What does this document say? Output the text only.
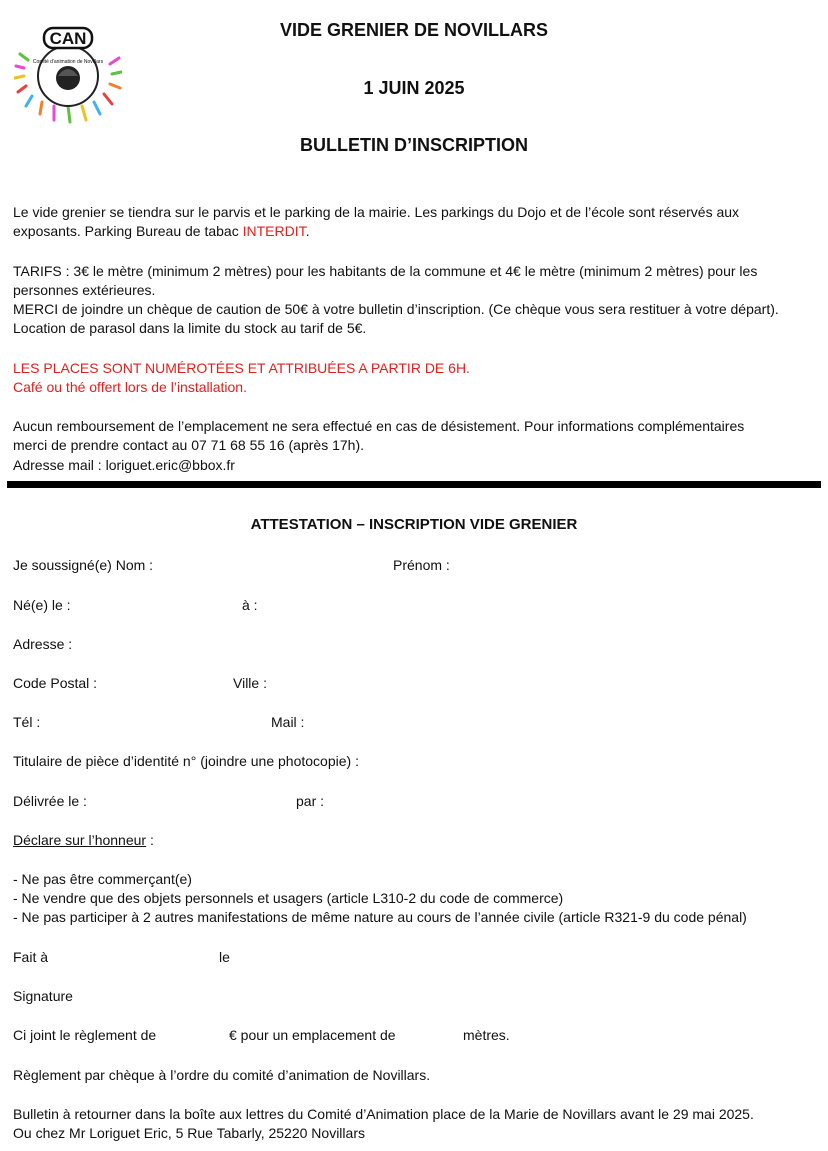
Comité d'animation de Novillars
CAN	VIDE GRENIER DE NOVILLARS
1 JUIN 2025
BULLETIN D’INSCRIPTION
Le vide grenier se tiendra sur le parvis et le parking de la mairie. Les parkings du Dojo et de l’école sont réservés aux
exposants. Parking Bureau de tabac INTERDIT.
TARIFS : 3€ le mètre (minimum 2 mètres) pour les habitants de la commune et 4€ le mètre (minimum 2 mètres) pour les
personnes extérieures.
MERCI de joindre un chèque de caution de 50€ à votre bulletin d’inscription. (Ce chèque vous sera restituer à votre départ).
Location de parasol dans la limite du stock au tarif de 5€.
LES PLACES SONT NUMÉROTÉES ET ATTRIBUÉES A PARTIR DE 6H.
Café ou thé offert lors de l’installation.
Aucun remboursement de l’emplacement ne sera effectué en cas de désistement. Pour informations complémentaires
merci de prendre contact au 07 71 68 55 16 (après 17h).
Adresse mail : loriguet.eric@bbox.fr
ATTESTATION – INSCRIPTION VIDE GRENIER
Je soussigné(e) Nom :	Prénom :
Né(e) le :	à :
Adresse :
Code Postal :	Ville :
Tél :	Mail :
Titulaire de pièce d’identité n° (joindre une photocopie) :
Délivrée le :	par :
Déclare sur l’honneur :
- Ne pas être commerçant(e)
- Ne vendre que des objets personnels et usagers (article L310-2 du code de commerce)
- Ne pas participer à 2 autres manifestations de même nature au cours de l’année civile (article R321-9 du code pénal)
Fait à	le
Signature
Ci joint le règlement de	€ pour un emplacement de	mètres.
Règlement par chèque à l’ordre du comité d’animation de Novillars.
Bulletin à retourner dans la boîte aux lettres du Comité d’Animation place de la Marie de Novillars avant le 29 mai 2025.
Ou chez Mr Loriguet Eric, 5 Rue Tabarly, 25220 Novillars
